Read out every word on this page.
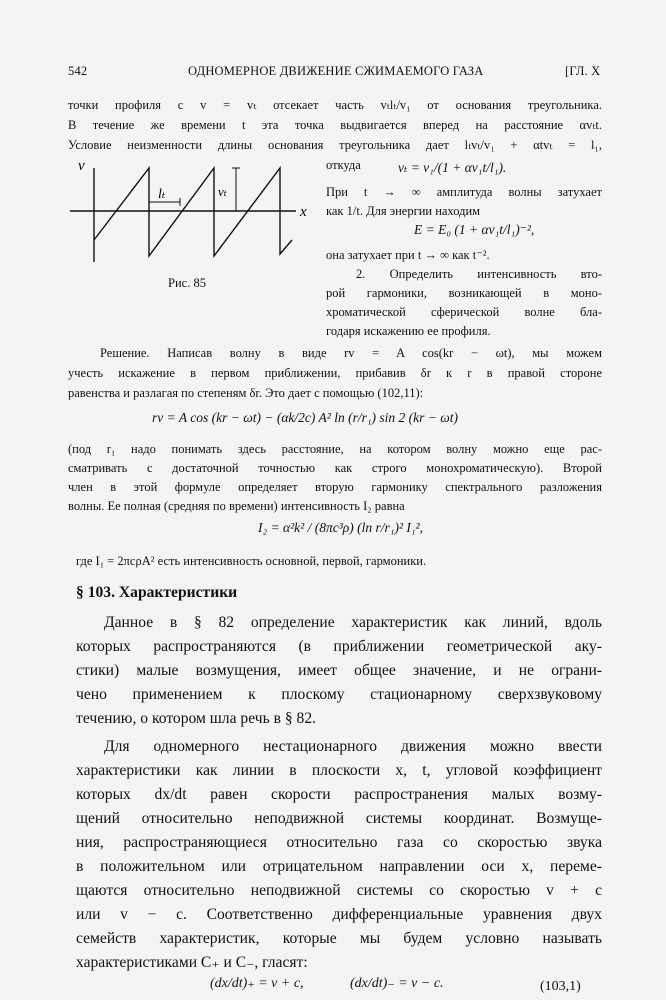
542	ОДНОМЕРНОЕ ДВИЖЕНИЕ СЖИМАЕМОГО ГАЗА	[ГЛ. X
точки профиля с v = vₜ отсекает часть vₜlₜ/v₁ от основания треугольника.
В течение же времени t эта точка выдвигается вперед на расстояние αvₜt.
Условие неизменности длины основания треугольника дает lₜvₜ/v₁ + αtvₜ = l₁,
v
x
lₜ	vₜ
Рис. 85
откуда	vₜ = v₁/(1 + αv₁t/l₁).
При t → ∞ амплитуда волны затухает
как 1/t. Для энергии находим
E = E₀ (1 + αv₁t/l₁)⁻²,
она затухает при t → ∞ как t⁻².
2. Определить интенсивность вто-
рой гармоники, возникающей в моно-
хроматической сферической волне бла-
годаря искажению ее профиля.
Решение. Написав волну в виде rv = A cos(kr − ωt), мы можем
учесть искажение в первом приближении, прибавив δr к r в правой стороне
равенства и разлагая по степеням δr. Это дает с помощью (102,11):
rv = A cos (kr − ωt) − (αk/2c) A² ln (r/r₁) sin 2 (kr − ωt)
(под r₁ надо понимать здесь расстояние, на котором волну можно еще рас-
сматривать с достаточной точностью как строго монохроматическую). Второй
член в этой формуле определяет вторую гармонику спектрального разложения
волны. Ее полная (средняя по времени) интенсивность I₂ равна
I₂ = α²k² / (8πc³ρ) (ln r/r₁)² I₁²,
где I₁ = 2πcρA² есть интенсивность основной, первой, гармоники.
§ 103. Характеристики
Данное в § 82 определение характеристик как линий, вдоль
которых распространяются (в приближении геометрической аку-
стики) малые возмущения, имеет общее значение, и не ограни-
чено применением к плоскому стационарному сверхзвуковому
течению, о котором шла речь в § 82.
Для одномерного нестационарного движения можно ввести
характеристики как линии в плоскости x, t, угловой коэффициент
которых dx/dt равен скорости распространения малых возму-
щений относительно неподвижной системы координат. Возмуще-
ния, распространяющиеся относительно газа со скоростью звука
в положительном или отрицательном направлении оси x, переме-
щаются относительно неподвижной системы со скоростью v + c
или v − c. Соответственно дифференциальные уравнения двух
семейств характеристик, которые мы будем условно называть
характеристиками C₊ и C₋, гласят:
(dx/dt)₊ = v + c,	(dx/dt)₋ = v − c.	(103,1)
